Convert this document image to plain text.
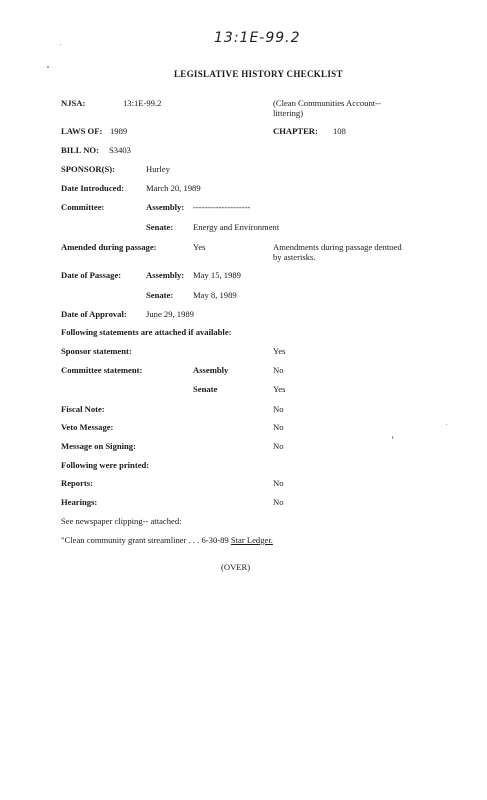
13:1E-99.2
LEGISLATIVE HISTORY CHECKLIST
NJSA:	13:1E-99.2	(Clean Communities Account--
littering)
LAWS OF: 1989	CHAPTER: 108
BILL NO: S3403
SPONSOR(S):	Hurley
Date Introduced:	March 20, 1989
Committee:	Assembly: --------------------
Senate: Energy and Environment
Amended during passage:	Yes	Amendments during passage dentoed
by asterisks.
Date of Passage:	Assembly: May 15, 1989
Senate: May 8, 1989
Date of Approval: June 29, 1989
Following statements are attached if available:
Sponsor statement:	Yes
Committee statement:	Assembly	No
Senate	Yes
Fiscal Note:	No
Veto Message:	No
Message on Signing:	No
Following were printed:
Reports:	No
Hearings:	No
See newspaper clipping-- attached:
"Clean community grant streamliner . . . 6-30-89 Star Ledger.
(OVER)
